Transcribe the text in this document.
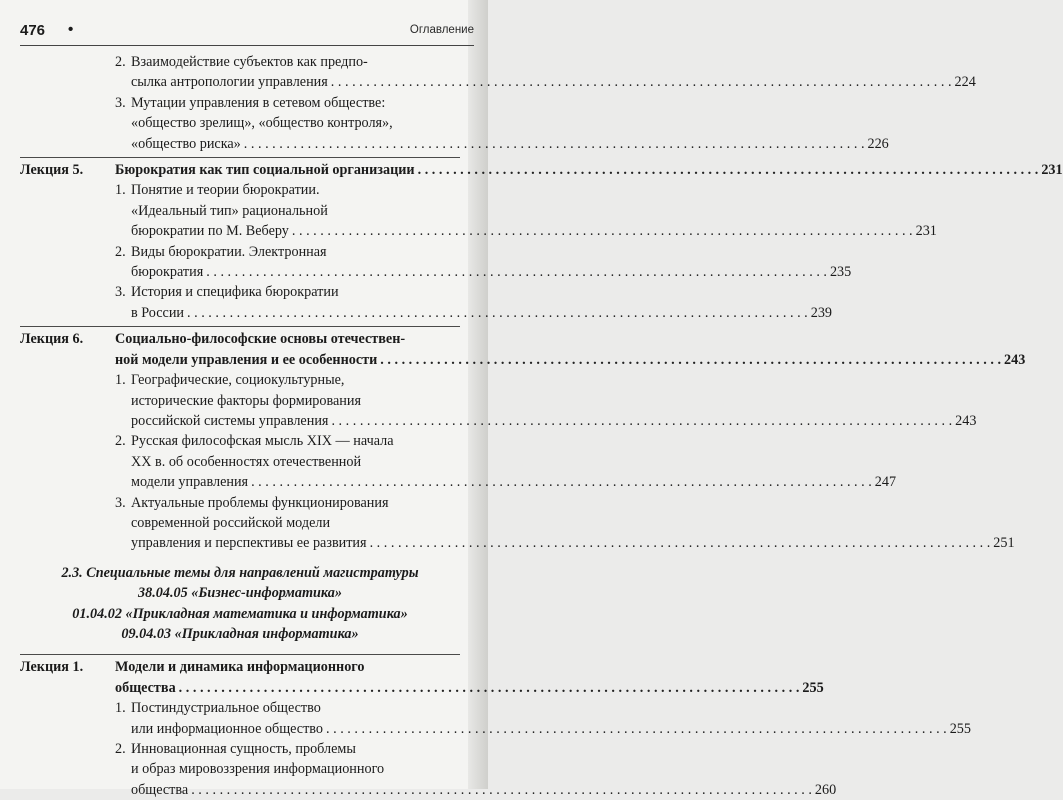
476 •	Оглавление
2. Взаимодействие субъектов как предпо-
сылка антропологии управления . . .	224
3. Мутации управления в сетевом обществе:
«общество зрелищ», «общество контроля»,
«общество риска» . . .	226
Лекция 5. Бюрократия как тип социальной организации . . .	231
1. Понятие и теории бюрократии.
«Идеальный тип» рациональной
бюрократии по М. Веберу . . .	231
2. Виды бюрократии. Электронная
бюрократия . . .	235
3. История и специфика бюрократии
в России . . .	239
Лекция 6. Социально-философские основы отечествен-
ной модели управления и ее особенности . . .	243
1. Географические, социокультурные,
исторические факторы формирования
российской системы управления . . .	243
2. Русская философская мысль XIX — начала
XX в. об особенностях отечественной
модели управления . . .	247
3. Актуальные проблемы функционирования
современной российской модели
управления и перспективы ее развития . . .	251
2.3. Специальные темы для направлений магистратуры
38.04.05 «Бизнес-информатика»
01.04.02 «Прикладная математика и информатика»
09.04.03 «Прикладная информатика»
Лекция 1. Модели и динамика информационного
общества . . .	255
1. Постиндустриальное общество
или информационное общество . . .	255
2. Инновационная сущность, проблемы
и образ мировоззрения информационного
общества . . .	260
